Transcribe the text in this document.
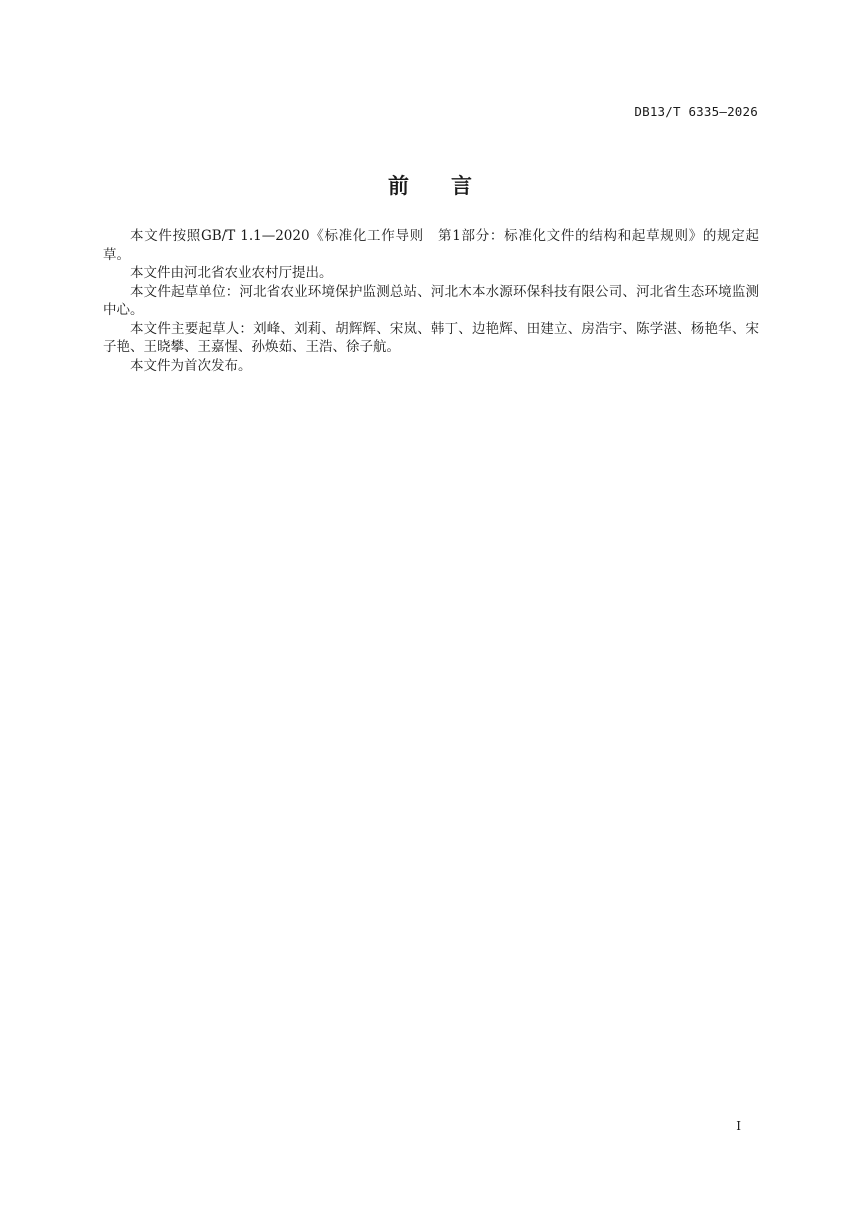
DB13/T 6335—2026
前言

本文件按照GB/T 1.1—2020《标准化工作导则　第1部分：标准化文件的结构和起草规则》的规定起草。

本文件由河北省农业农村厅提出。

本文件起草单位：河北省农业环境保护监测总站、河北木本水源环保科技有限公司、河北省生态环境监测中心。

本文件主要起草人：刘峰、刘莉、胡辉辉、宋岚、韩丁、边艳辉、田建立、房浩宇、陈学湛、杨艳华、宋子艳、王晓攀、王嘉惺、孙焕茹、王浩、徐子航。

本文件为首次发布。

I
